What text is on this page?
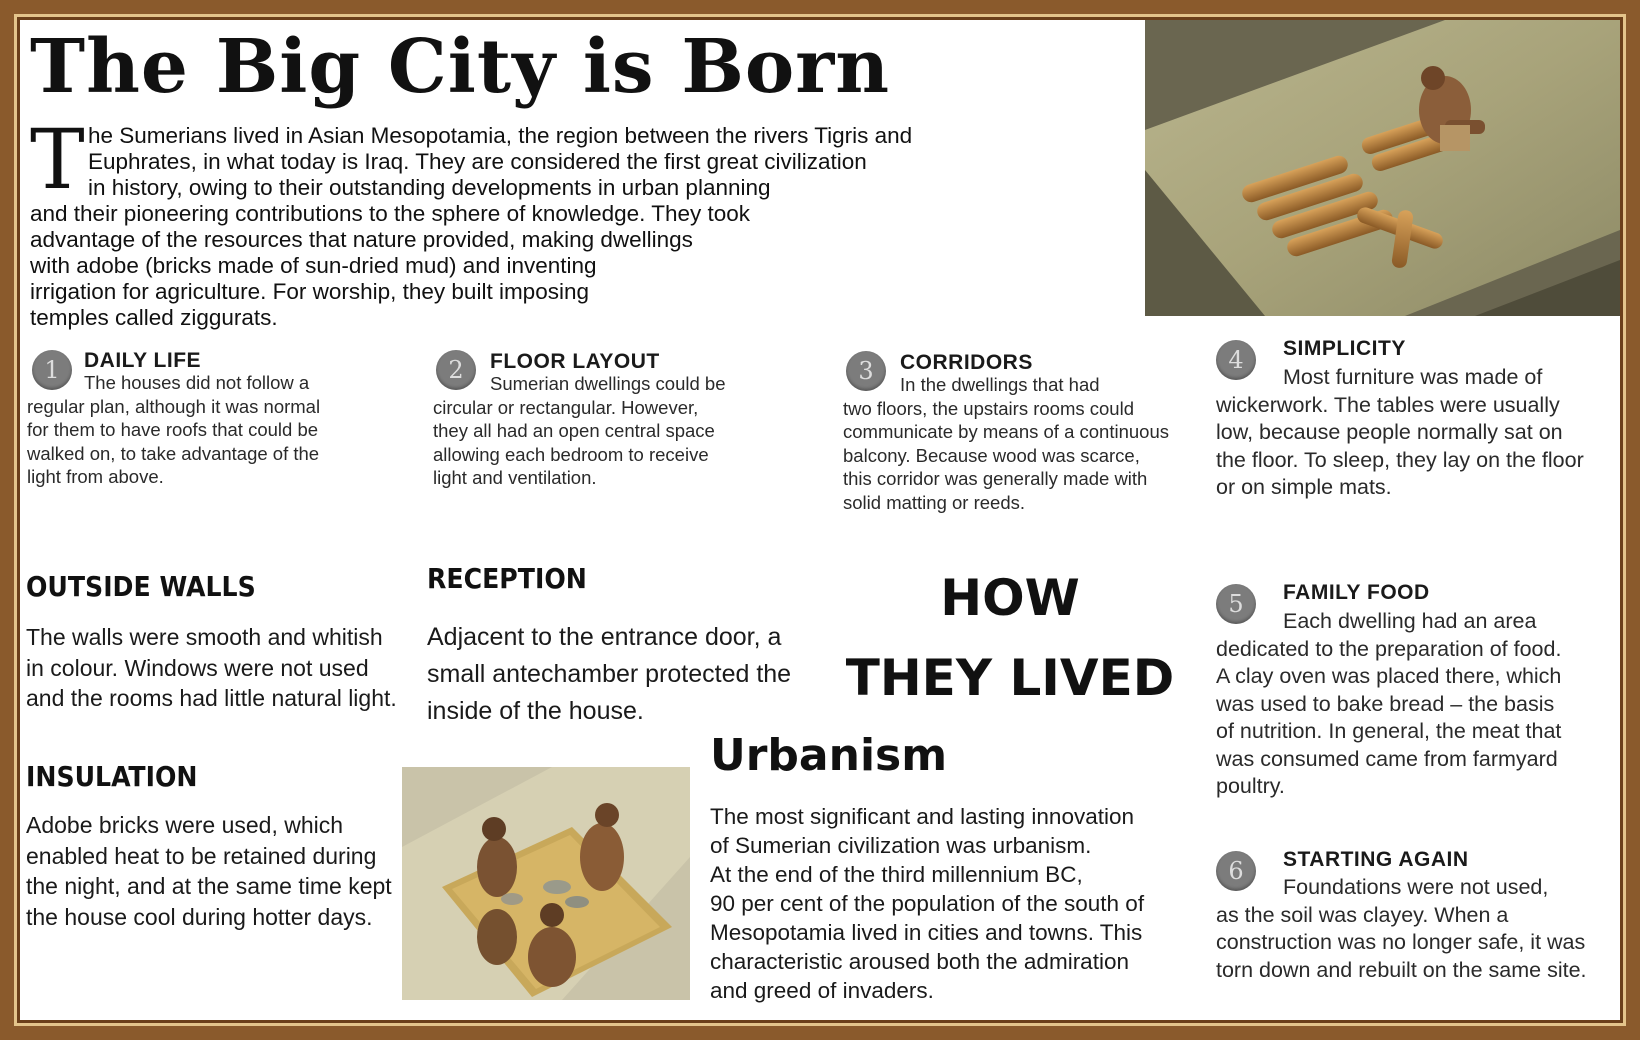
The Big City is Born
T he Sumerians lived in Asian Mesopotamia, the region between the rivers Tigris and
Euphrates, in what today is Iraq. They are considered the first great civilization
in history, owing to their outstanding developments in urban planning
and their pioneering contributions to the sphere of knowledge. They took
advantage of the resources that nature provided, making dwellings
with adobe (bricks made of sun-dried mud) and inventing
irrigation for agriculture. For worship, they built imposing
temples called ziggurats.
1	DAILY LIFE
The houses did not follow a
regular plan, although it was normal
for them to have roofs that could be
walked on, to take advantage of the
light from above.
2	FLOOR LAYOUT
Sumerian dwellings could be
circular or rectangular. However,
they all had an open central space
allowing each bedroom to receive
light and ventilation.
3	CORRIDORS
In the dwellings that had
two floors, the upstairs rooms could
communicate by means of a continuous
balcony. Because wood was scarce,
this corridor was generally made with
solid matting or reeds.
4	SIMPLICITY
Most furniture was made of
wickerwork. The tables were usually
low, because people normally sat on
the floor. To sleep, they lay on the floor
or on simple mats.
5	FAMILY FOOD
Each dwelling had an area
dedicated to the preparation of food.
A clay oven was placed there, which
was used to bake bread – the basis
of nutrition. In general, the meat that
was consumed came from farmyard
poultry.
6	STARTING AGAIN
Foundations were not used,
as the soil was clayey. When a
construction was no longer safe, it was
torn down and rebuilt on the same site.
OUTSIDE WALLS
The walls were smooth and whitish
in colour. Windows were not used
and the rooms had little natural light.
RECEPTION
Adjacent to the entrance door, a
small antechamber protected the
inside of the house.
INSULATION
Adobe bricks were used, which
enabled heat to be retained during
the night, and at the same time kept
the house cool during hotter days.
HOW
THEY LIVED
Urbanism
The most significant and lasting innovation
of Sumerian civilization was urbanism.
At the end of the third millennium BC,
90 per cent of the population of the south of
Mesopotamia lived in cities and towns. This
characteristic aroused both the admiration
and greed of invaders.
